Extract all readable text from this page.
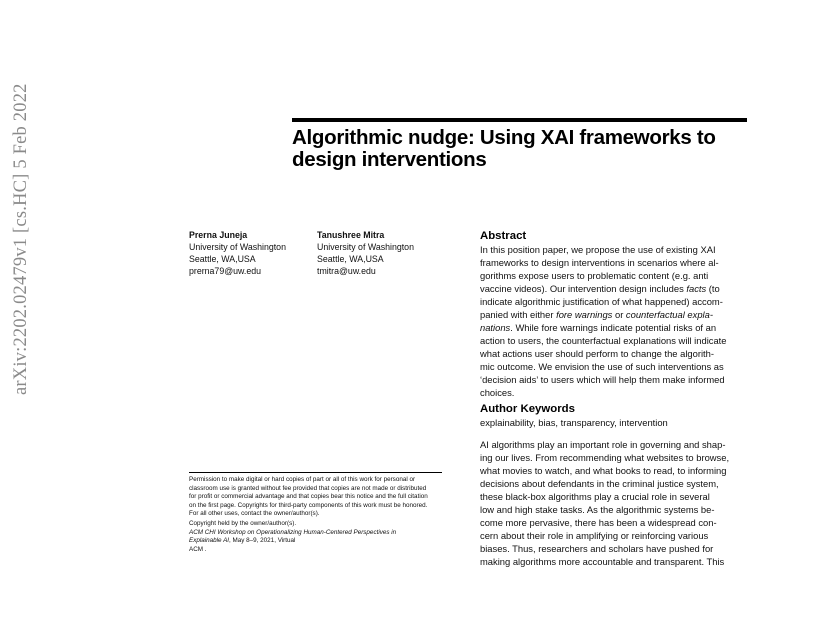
arXiv:2202.02479v1 [cs.HC] 5 Feb 2022	Algorithmic nudge: Using XAI frameworks to
design interventions
Prerna Juneja
University of Washington
Seattle, WA,USA
prerna79@uw.edu
Tanushree Mitra
University of Washington
Seattle, WA,USA
tmitra@uw.edu
Abstract
In this position paper, we propose the use of existing XAI
frameworks to design interventions in scenarios where al-
gorithms expose users to problematic content (e.g. anti
vaccine videos). Our intervention design includes facts (to
indicate algorithmic justification of what happened) accom-
panied with either fore warnings or counterfactual expla-
nations. While fore warnings indicate potential risks of an
action to users, the counterfactual explanations will indicate
what actions user should perform to change the algorith-
mic outcome. We envision the use of such interventions as
‘decision aids’ to users which will help them make informed
choices.
Author Keywords
explainability, bias, transparency, intervention
AI algorithms play an important role in governing and shap-
ing our lives. From recommending what websites to browse,
what movies to watch, and what books to read, to informing
decisions about defendants in the criminal justice system,
these black-box algorithms play a crucial role in several
low and high stake tasks. As the algorithmic systems be-
come more pervasive, there has been a widespread con-
cern about their role in amplifying or reinforcing various
biases. Thus, researchers and scholars have pushed for
making algorithms more accountable and transparent. This
Permission to make digital or hard copies of part or all of this work for personal or
classroom use is granted without fee provided that copies are not made or distributed
for profit or commercial advantage and that copies bear this notice and the full citation
on the first page. Copyrights for third-party components of this work must be honored.
For all other uses, contact the owner/author(s).
Copyright held by the owner/author(s).
ACM CHI Workshop on Operationalizing Human-Centered Perspectives in
Explainable AI, May 8–9, 2021, Virtual
ACM .
